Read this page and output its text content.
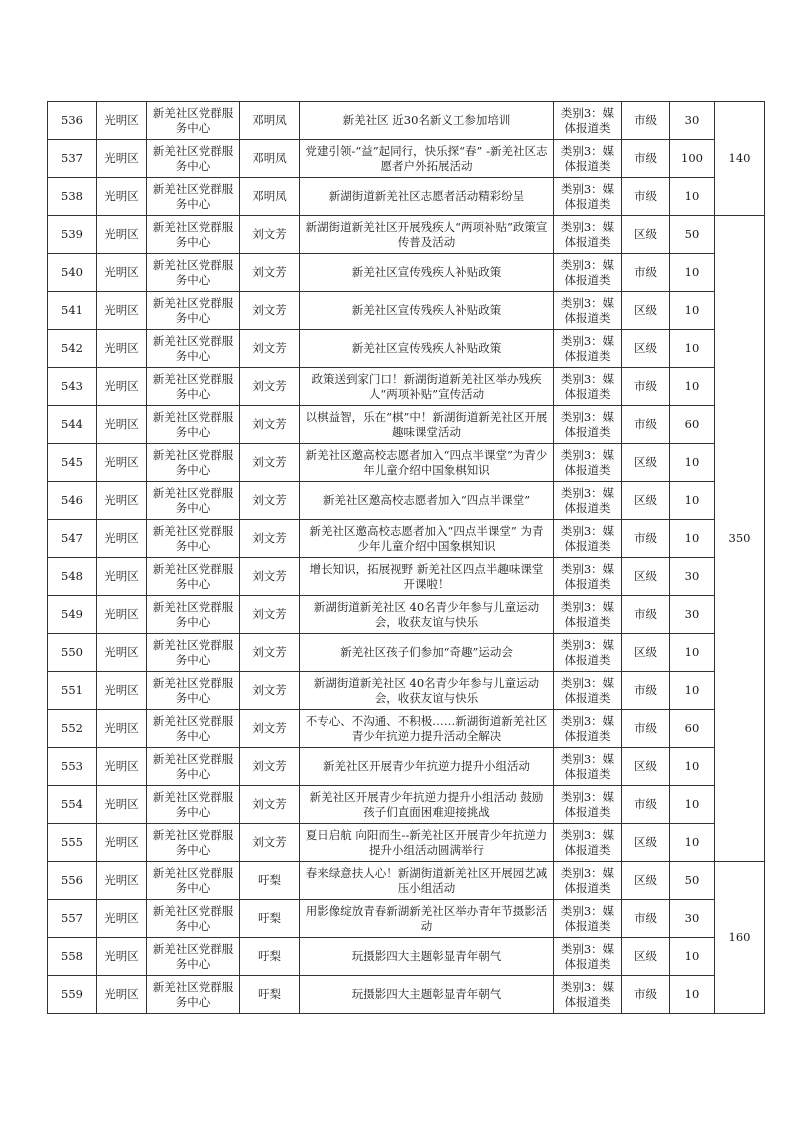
536	光明区	新羌社区党群服务中心	邓明凤	新羌社区 近30名新义工参加培训	类别3：媒体报道类	市级	30	140
537	光明区	新羌社区党群服务中心	邓明凤	党建引领-“益”起同行，快乐探“春” -新羌社区志愿者户外拓展活动	类别3：媒体报道类	市级	100	
538	光明区	新羌社区党群服务中心	邓明凤	新湖街道新羌社区志愿者活动精彩纷呈	类别3：媒体报道类	市级	10	
539	光明区	新羌社区党群服务中心	刘文芳	新湖街道新羌社区开展残疾人“两项补贴”政策宣传普及活动	类别3：媒体报道类	区级	50	350
540	光明区	新羌社区党群服务中心	刘文芳	新羌社区宣传残疾人补贴政策	类别3：媒体报道类	市级	10	
541	光明区	新羌社区党群服务中心	刘文芳	新羌社区宣传残疾人补贴政策	类别3：媒体报道类	区级	10	
542	光明区	新羌社区党群服务中心	刘文芳	新羌社区宣传残疾人补贴政策	类别3：媒体报道类	区级	10	
543	光明区	新羌社区党群服务中心	刘文芳	政策送到家门口！新湖街道新羌社区举办残疾人“两项补贴”宣传活动	类别3：媒体报道类	市级	10	
544	光明区	新羌社区党群服务中心	刘文芳	以棋益智，乐在“棋”中！新湖街道新羌社区开展趣味课堂活动	类别3：媒体报道类	市级	60	
545	光明区	新羌社区党群服务中心	刘文芳	新羌社区邀高校志愿者加入“四点半课堂”为青少年儿童介绍中国象棋知识	类别3：媒体报道类	区级	10	
546	光明区	新羌社区党群服务中心	刘文芳	新羌社区邀高校志愿者加入“四点半课堂”	类别3：媒体报道类	区级	10	
547	光明区	新羌社区党群服务中心	刘文芳	新羌社区邀高校志愿者加入“四点半课堂” 为青少年儿童介绍中国象棋知识	类别3：媒体报道类	市级	10	
548	光明区	新羌社区党群服务中心	刘文芳	增长知识，拓展视野 新羌社区四点半趣味课堂开课啦！	类别3：媒体报道类	区级	30	
549	光明区	新羌社区党群服务中心	刘文芳	新湖街道新羌社区 40名青少年参与儿童运动会，收获友谊与快乐	类别3：媒体报道类	市级	30	
550	光明区	新羌社区党群服务中心	刘文芳	新羌社区孩子们参加“奇趣”运动会	类别3：媒体报道类	区级	10	
551	光明区	新羌社区党群服务中心	刘文芳	新湖街道新羌社区 40名青少年参与儿童运动会，收获友谊与快乐	类别3：媒体报道类	市级	10	
552	光明区	新羌社区党群服务中心	刘文芳	不专心、不沟通、不积极……新湖街道新羌社区青少年抗逆力提升活动全解决	类别3：媒体报道类	市级	60	
553	光明区	新羌社区党群服务中心	刘文芳	新羌社区开展青少年抗逆力提升小组活动	类别3：媒体报道类	区级	10	
554	光明区	新羌社区党群服务中心	刘文芳	新羌社区开展青少年抗逆力提升小组活动 鼓励孩子们直面困难迎接挑战	类别3：媒体报道类	市级	10	
555	光明区	新羌社区党群服务中心	刘文芳	夏日启航 向阳而生--新羌社区开展青少年抗逆力提升小组活动圆满举行	类别3：媒体报道类	区级	10	
556	光明区	新羌社区党群服务中心	吁梨	春来绿意扶人心！新湖街道新羌社区开展园艺减压小组活动	类别3：媒体报道类	区级	50	160
557	光明区	新羌社区党群服务中心	吁梨	用影像绽放青春新湖新羌社区举办青年节摄影活动	类别3：媒体报道类	市级	30	
558	光明区	新羌社区党群服务中心	吁梨	玩摄影四大主题彰显青年朝气	类别3：媒体报道类	区级	10	
559	光明区	新羌社区党群服务中心	吁梨	玩摄影四大主题彰显青年朝气	类别3：媒体报道类	市级	10	
